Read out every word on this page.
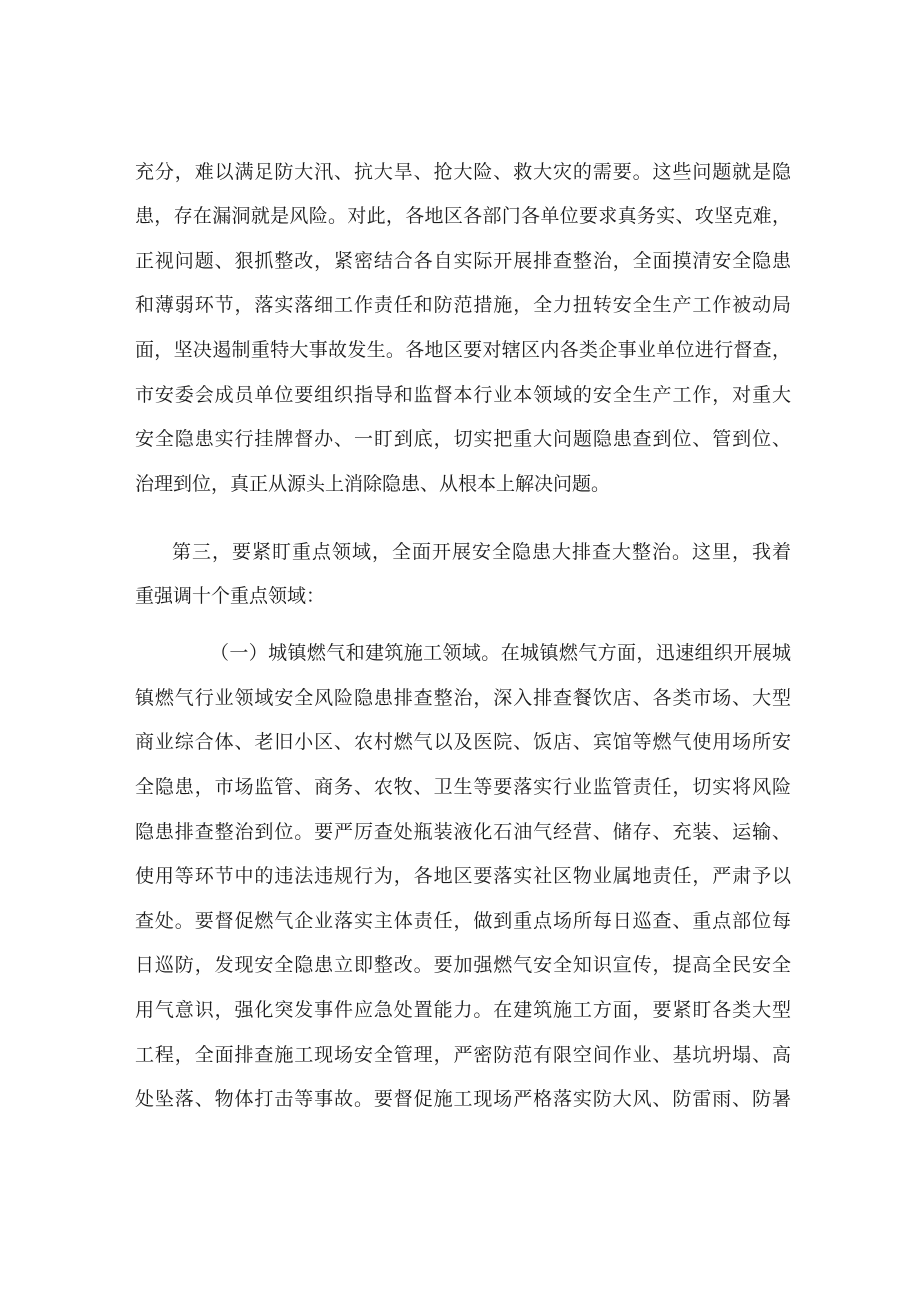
充分，难以满足防大汛、抗大旱、抢大险、救大灾的需要。这些问题就是隐
患，存在漏洞就是风险。对此，各地区各部门各单位要求真务实、攻坚克难，
正视问题、狠抓整改，紧密结合各自实际开展排查整治，全面摸清安全隐患
和薄弱环节，落实落细工作责任和防范措施，全力扭转安全生产工作被动局
面，坚决遏制重特大事故发生。各地区要对辖区内各类企事业单位进行督查，
市安委会成员单位要组织指导和监督本行业本领域的安全生产工作，对重大
安全隐患实行挂牌督办、一盯到底，切实把重大问题隐患查到位、管到位、
治理到位，真正从源头上消除隐患、从根本上解决问题。
第三，要紧盯重点领域，全面开展安全隐患大排查大整治。这里，我着
重强调十个重点领域：
（一）城镇燃气和建筑施工领域。在城镇燃气方面，迅速组织开展城
镇燃气行业领域安全风险隐患排查整治，深入排查餐饮店、各类市场、大型
商业综合体、老旧小区、农村燃气以及医院、饭店、宾馆等燃气使用场所安
全隐患，市场监管、商务、农牧、卫生等要落实行业监管责任，切实将风险
隐患排查整治到位。要严厉查处瓶装液化石油气经营、储存、充装、运输、
使用等环节中的违法违规行为，各地区要落实社区物业属地责任，严肃予以
查处。要督促燃气企业落实主体责任，做到重点场所每日巡查、重点部位每
日巡防，发现安全隐患立即整改。要加强燃气安全知识宣传，提高全民安全
用气意识，强化突发事件应急处置能力。在建筑施工方面，要紧盯各类大型
工程，全面排查施工现场安全管理，严密防范有限空间作业、基坑坍塌、高
处坠落、物体打击等事故。要督促施工现场严格落实防大风、防雷雨、防暑
